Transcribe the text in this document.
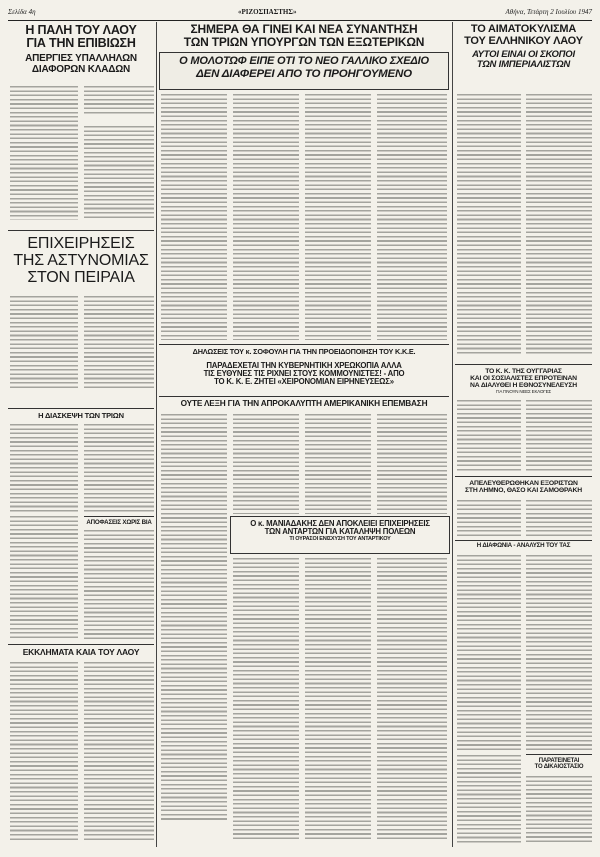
Σελίδα 4η	«ΡΙΖΟΣΠΑΣΤΗΣ»	Αθήνα, Τετάρτη 2 Ιουλίου 1947

Η ΠΑΛΗ ΤΟΥ ΛΑΟΥ

ΓΙΑ ΤΗΝ ΕΠΙΒΙΩΣΗ

ΑΠΕΡΓΙΕΣ ΥΠΑΛΛΗΛΩΝ

ΔΙΑΦΟΡΩΝ ΚΛΑΔΩΝ

ΕΠΙΧΕΙΡΗΣΕΙΣ

ΤΗΣ ΑΣΤΥΝΟΜΙΑΣ

ΣΤΟΝ ΠΕΙΡΑΙΑ

Η ΔΙΑΣΚΕΨΗ ΤΩΝ ΤΡΙΩΝ

ΑΠΟΦΑΣΕΙΣ ΧΩΡΙΣ ΒΙΑ

ΕΚΚΛΗΜΑΤΑ ΚΑΙΑ ΤΟΥ ΛΑΟΥ

ΣΗΜΕΡΑ ΘΑ ΓΙΝΕΙ ΚΑΙ ΝΕΑ ΣΥΝΑΝΤΗΣΗ

ΤΩΝ ΤΡΙΩΝ ΥΠΟΥΡΓΩΝ ΤΩΝ ΕΞΩΤΕΡΙΚΩΝ

Ο ΜΟΛΟΤΩΦ ΕΙΠΕ ΟΤΙ ΤΟ ΝΕΟ ΓΑΛΛΙΚΟ ΣΧΕΔΙΟ

ΔΕΝ ΔΙΑΦΕΡΕΙ ΑΠΟ ΤΟ ΠΡΟΗΓΟΥΜΕΝΟ

ΔΗΛΩΣΕΙΣ ΤΟΥ κ. ΣΟΦΟΥΛΗ ΓΙΑ ΤΗΝ ΠΡΟΕΙΔΟΠΟΙΗΣΗ ΤΟΥ Κ.Κ.Ε.

ΠΑΡΑΔΕΧΕΤΑΙ ΤΗΝ ΚΥΒΕΡΝΗΤΙΚΗ ΧΡΕΩΚΟΠΙΑ ΑΛΛΑ

ΤΙΣ ΕΥΘΥΝΕΣ ΤΙΣ ΡΙΧΝΕΙ ΣΤΟΥΣ ΚΟΜΜΟΥΝΙΣΤΕΣ! - ΑΠΟ

ΤΟ Κ. Κ. Ε. ΖΗΤΕΙ «ΧΕΙΡΟΝΟΜΙΑΝ ΕΙΡΗΝΕΥΣΕΩΣ»

ΟΥΤΕ ΛΕΞΗ ΓΙΑ ΤΗΝ ΑΠΡΟΚΑΛΥΠΤΗ ΑΜΕΡΙΚΑΝΙΚΗ ΕΠΕΜΒΑΣΗ

Ο κ. ΜΑΝΙΑΔΑΚΗΣ ΔΕΝ ΑΠΟΚΛΕΙΕΙ ΕΠΙΧΕΙΡΗΣΕΙΣ

ΤΩΝ ΑΝΤΑΡΤΩΝ ΓΙΑ ΚΑΤΑΛΗΨΗ ΠΟΛΕΩΝ

ΤΙ ΟΥΡΑΣΟΙ ΕΝΙΣΧΥΣΗ ΤΟΥ ΑΝΤΑΡΤΙΚΟΥ

ΤΟ ΑΙΜΑΤΟΚΥΛΙΣΜΑ

ΤΟΥ ΕΛΛΗΝΙΚΟΥ ΛΑΟΥ

ΑΥΤΟΙ ΕΙΝΑΙ ΟΙ ΣΚΟΠΟΙ

ΤΩΝ ΙΜΠΕΡΙΑΛΙΣΤΩΝ

ΤΟ Κ. Κ. ΤΗΣ ΟΥΓΓΑΡΙΑΣ

ΚΑΙ ΟΙ ΣΟΣΙΑΛΙΣΤΕΣ ΕΠΡΟΤΕΙΝΑΝ

ΝΑ ΔΙΑΛΥΘΕΙ Η ΕΘΝΟΣΥΝΕΛΕΥΣΗ

ΓΙΑ ΓΙΝΟΥΝ ΝΕΕΣ ΕΚΛΟΓΕΣ

ΑΠΕΛΕΥΘΕΡΩΘΗΚΑΝ ΕΞΟΡΙΣΤΩΝ

ΣΤΗ ΛΗΜΝΟ, ΘΑΣΟ ΚΑΙ ΣΑΜΟΘΡΑΚΗ

Η ΔΙΑΦΩΝΙΑ - ΑΝΑΛΥΣΗ ΤΟΥ ΤΑΣ

ΠΑΡΑΤΕΙΝΕΤΑΙ

ΤΟ ΔΙΚΑΙΟΣΤΑΣΙΟ
